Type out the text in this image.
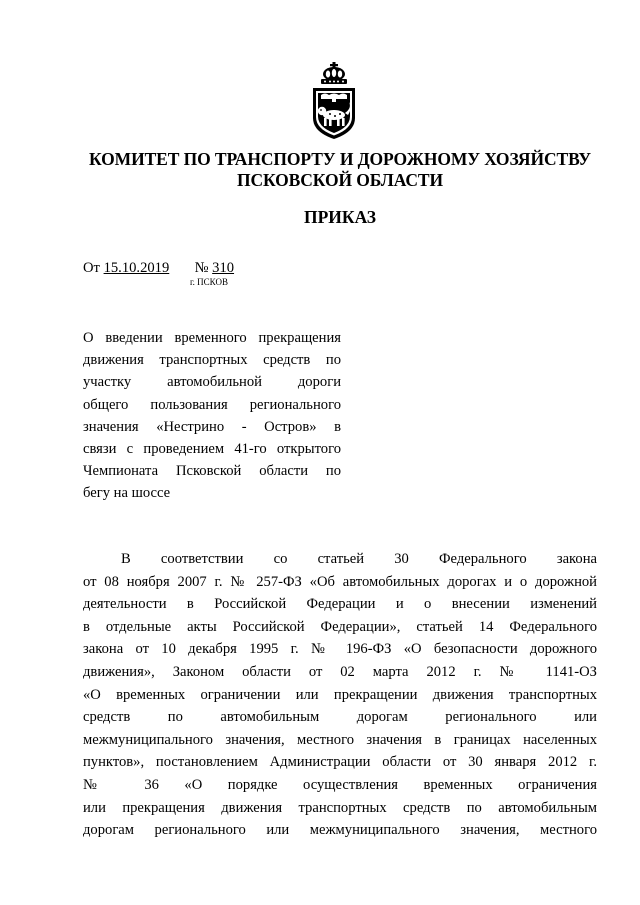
КОМИТЕТ ПО ТРАНСПОРТУ И ДОРОЖНОМУ ХОЗЯЙСТВУ
ПСКОВСКОЙ ОБЛАСТИ
ПРИКАЗ
От 15.10.2019 № 310
г. ПСКОВ
О введении временного прекращения
движения транспортных средств по
участку автомобильной дороги
общего пользования регионального
значения «Нестрино - Остров» в
связи с проведением 41-го открытого
Чемпионата Псковской области по
бегу на шоссе
В соответствии со статьей 30 Федерального закона
от 08 ноября 2007 г. № 257-ФЗ «Об автомобильных дорогах и о дорожной
деятельности в Российской Федерации и о внесении изменений
в отдельные акты Российской Федерации», статьей 14 Федерального
закона от 10 декабря 1995 г. № 196-ФЗ «О безопасности дорожного
движения», Законом области от 02 марта 2012 г. № 1141-ОЗ
«О временных ограничении или прекращении движения транспортных
средств по автомобильным дорогам регионального или
межмуниципального значения, местного значения в границах населенных
пунктов», постановлением Администрации области от 30 января 2012 г.
№ 36 «О порядке осуществления временных ограничения
или прекращения движения транспортных средств по автомобильным
дорогам регионального или межмуниципального значения, местного
